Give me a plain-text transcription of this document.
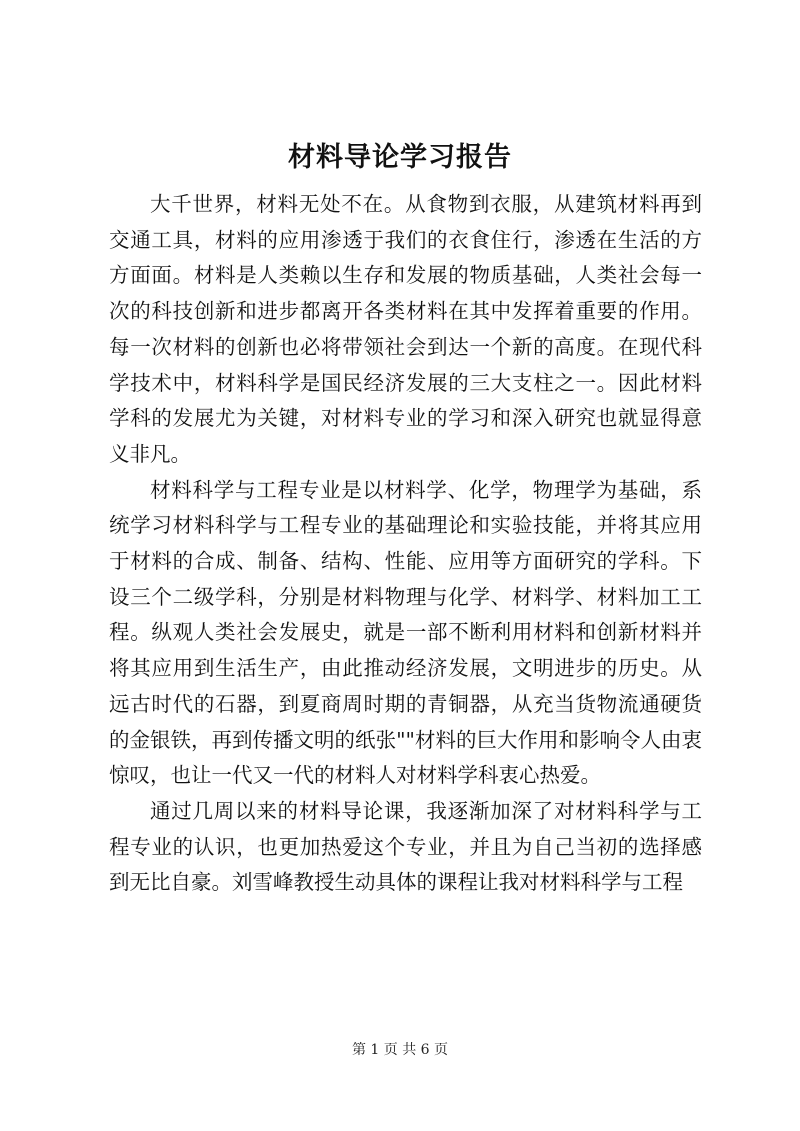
材料导论学习报告

大千世界，材料无处不在。从食物到衣服，从建筑材料再到交通工具，材料的应用渗透于我们的衣食住行，渗透在生活的方方面面。材料是人类赖以生存和发展的物质基础，人类社会每一次的科技创新和进步都离开各类材料在其中发挥着重要的作用。每一次材料的创新也必将带领社会到达一个新的高度。在现代科学技术中，材料科学是国民经济发展的三大支柱之一。因此材料学科的发展尤为关键，对材料专业的学习和深入研究也就显得意义非凡。

材料科学与工程专业是以材料学、化学，物理学为基础，系统学习材料科学与工程专业的基础理论和实验技能，并将其应用于材料的合成、制备、结构、性能、应用等方面研究的学科。下设三个二级学科，分别是材料物理与化学、材料学、材料加工工程。纵观人类社会发展史，就是一部不断利用材料和创新材料并将其应用到生活生产，由此推动经济发展，文明进步的历史。从远古时代的石器，到夏商周时期的青铜器，从充当货物流通硬货的金银铁，再到传播文明的纸张""材料的巨大作用和影响令人由衷惊叹，也让一代又一代的材料人对材料学科衷心热爱。

通过几周以来的材料导论课，我逐渐加深了对材料科学与工程专业的认识，也更加热爱这个专业，并且为自己当初的选择感到无比自豪。刘雪峰教授生动具体的课程让我对材料科学与工程

第 1 页 共 6 页
